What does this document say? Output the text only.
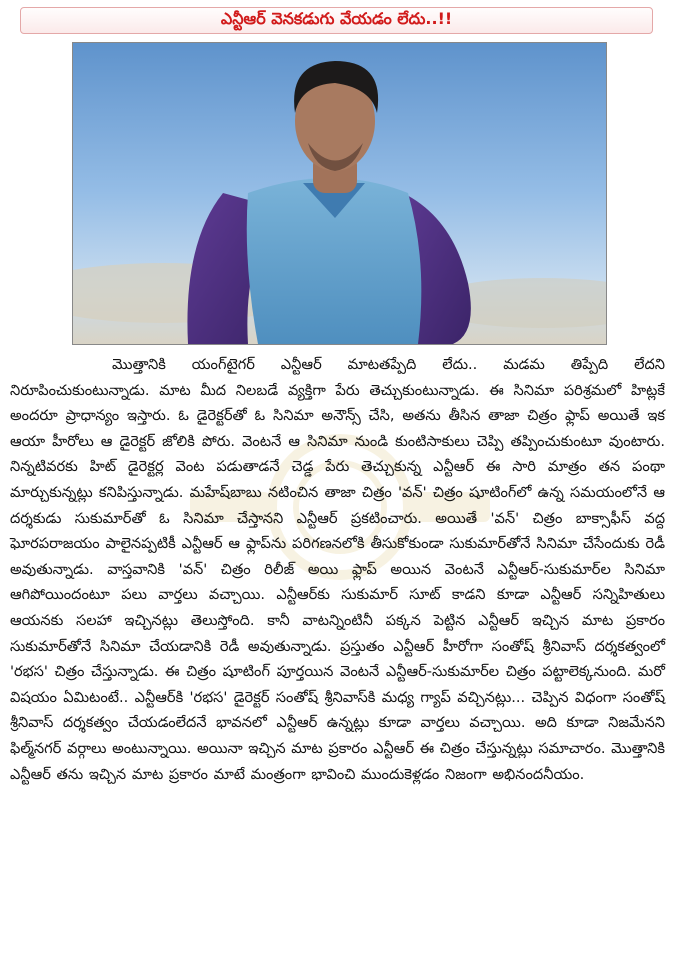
ఎన్టీఆర్ వెనకడుగు వేయడం లేదు..!!
మొత్తానికి యంగ్‌టైగర్ ఎన్టీఆర్ మాటతప్పేది లేదు.. మడమ తిప్పేది లేదని నిరూపించుకుంటున్నాడు. మాట మీద నిలబడే వ్యక్తిగా పేరు తెచ్చుకుంటున్నాడు. ఈ సినిమా పరిశ్రమలో హిట్లకే అందరూ ప్రాధాన్యం ఇస్తారు. ఓ డైరెక్టర్‌తో ఓ సినిమా అనౌన్స్ చేసి, అతను తీసిన తాజా చిత్రం ఫ్లాప్ అయితే ఇక ఆయా హీరోలు ఆ డైరెక్టర్ జోలికి పోరు. వెంటనే ఆ సినిమా నుండి కుంటిసాకులు చెప్పి తప్పించుకుంటూ వుంటారు. నిన్నటివరకు హిట్ డైరెక్టర్ల వెంట పడుతాడనే చెడ్డ పేరు తెచ్చుకున్న ఎన్టీఆర్ ఈ సారి మాత్రం తన పంథా మార్చుకున్నట్లు కనిపిస్తున్నాడు. మహేష్‌బాబు నటించిన తాజా చిత్రం 'వన్' చిత్రం షూటింగ్‌లో ఉన్న సమయంలోనే ఆ దర్శకుడు సుకుమార్‌తో ఓ సినిమా చేస్తానని ఎన్టీఆర్ ప్రకటించారు. అయితే 'వన్' చిత్రం బాక్సాఫీస్ వద్ద ఘోరపరాజయం పాలైనప్పటికీ ఎన్టీఆర్ ఆ ఫ్లాప్‌ను పరిగణనలోకి తీసుకోకుండా సుకుమార్‌తోనే సినిమా చేసేందుకు రెడీ అవుతున్నాడు. వాస్తవానికి 'వన్' చిత్రం రిలీజ్ అయి ఫ్లాప్ అయిన వెంటనే ఎన్టీఆర్-సుకుమార్‌ల సినిమా ఆగిపోయిందంటూ పలు వార్తలు వచ్చాయి. ఎన్టీఆర్‌కు సుకుమార్ సూట్ కాడని కూడా ఎన్టీఆర్ సన్నిహితులు ఆయనకు సలహా ఇచ్చినట్లు తెలుస్తోంది. కానీ వాటన్నింటినీ పక్కన పెట్టిన ఎన్టీఆర్ ఇచ్చిన మాట ప్రకారం సుకుమార్‌తోనే సినిమా చేయడానికి రెడీ అవుతున్నాడు. ప్రస్తుతం ఎన్టీఆర్ హీరోగా సంతోష్ శ్రీనివాస్ దర్శకత్వంలో 'రభస' చిత్రం చేస్తున్నాడు. ఈ చిత్రం షూటింగ్ పూర్తయిన వెంటనే ఎన్టీఆర్-సుకుమార్‌ల చిత్రం పట్టాలెక్కనుంది. మరో విషయం ఏమిటంటే.. ఎన్టీఆర్‌కి 'రభస' డైరెక్టర్ సంతోష్ శ్రీనివాస్‌కి మధ్య గ్యాప్ వచ్చినట్లు... చెప్పిన విధంగా సంతోష్ శ్రీనివాస్ దర్శకత్వం చేయడంలేదనే భావనలో ఎన్టీఆర్ ఉన్నట్లు కూడా వార్తలు వచ్చాయి. అది కూడా నిజమేనని ఫిల్మ్‌నగర్ వర్గాలు అంటున్నాయి. అయినా ఇచ్చిన మాట ప్రకారం ఎన్టీఆర్ ఈ చిత్రం చేస్తున్నట్లు సమాచారం. మొత్తానికి ఎన్టీఆర్ తను ఇచ్చిన మాట ప్రకారం మాటే మంత్రంగా భావించి ముందుకెళ్లడం నిజంగా అభినందనీయం.
